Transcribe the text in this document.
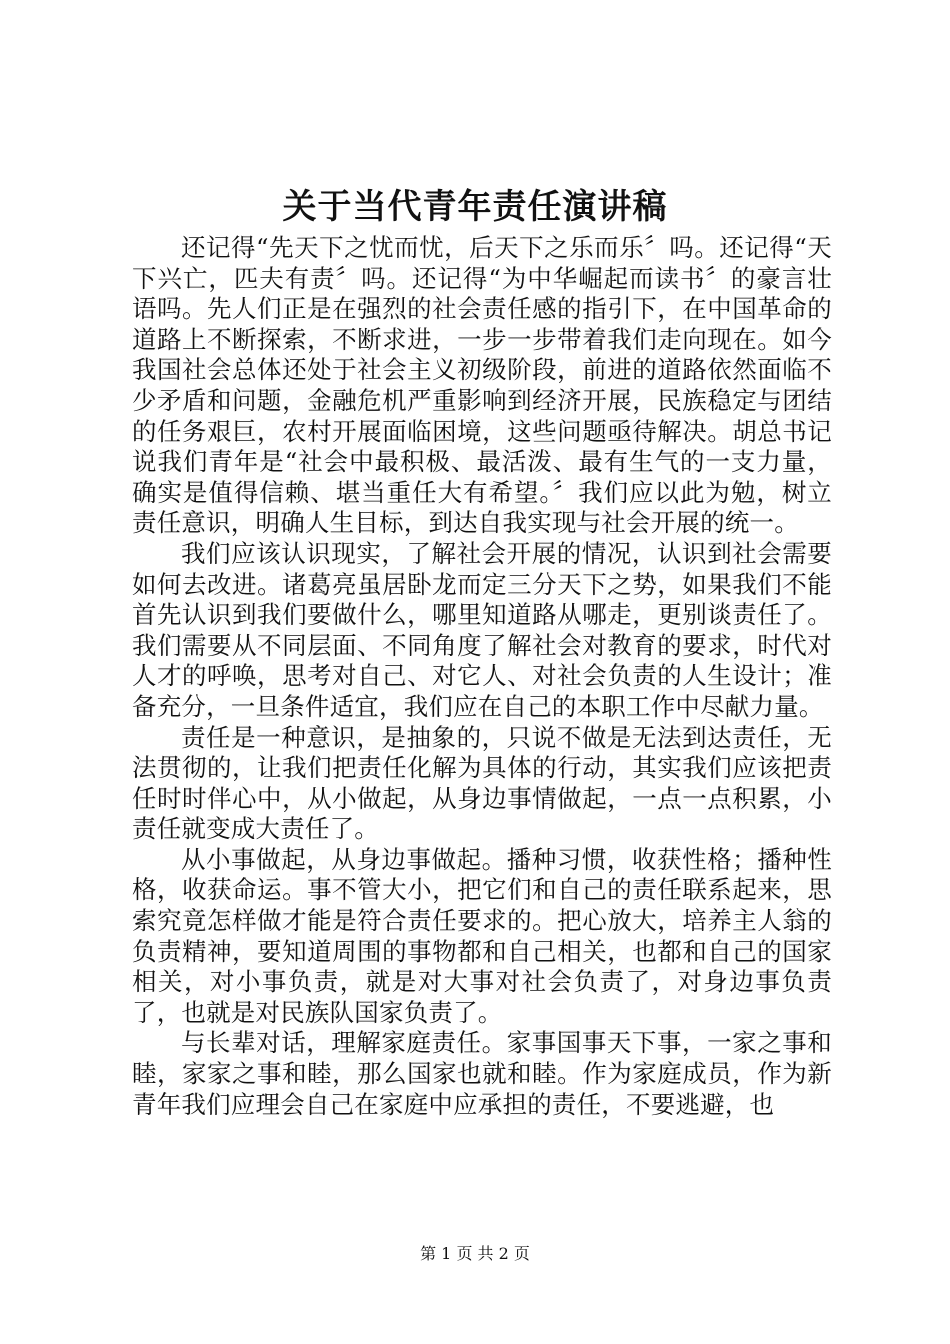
关于当代青年责任演讲稿

还记得“先天下之忧而忧，后天下之乐而乐〞吗。还记得“天下兴亡，匹夫有责〞吗。还记得“为中华崛起而读书〞的豪言壮语吗。先人们正是在强烈的社会责任感的指引下，在中国革命的道路上不断探索，不断求进，一步一步带着我们走向现在。如今我国社会总体还处于社会主义初级阶段，前进的道路依然面临不少矛盾和问题，金融危机严重影响到经济开展，民族稳定与团结的任务艰巨，农村开展面临困境，这些问题亟待解决。胡总书记说我们青年是“社会中最积极、最活泼、最有生气的一支力量，确实是值得信赖、堪当重任大有希望。〞我们应以此为勉，树立责任意识，明确人生目标，到达自我实现与社会开展的统一。

我们应该认识现实，了解社会开展的情况，认识到社会需要如何去改进。诸葛亮虽居卧龙而定三分天下之势，如果我们不能首先认识到我们要做什么，哪里知道路从哪走，更别谈责任了。我们需要从不同层面、不同角度了解社会对教育的要求，时代对人才的呼唤，思考对自己、对它人、对社会负责的人生设计；准备充分，一旦条件适宜，我们应在自己的本职工作中尽献力量。

责任是一种意识，是抽象的，只说不做是无法到达责任，无法贯彻的，让我们把责任化解为具体的行动，其实我们应该把责任时时伴心中，从小做起，从身边事情做起，一点一点积累，小责任就变成大责任了。

从小事做起，从身边事做起。播种习惯，收获性格；播种性格，收获命运。事不管大小，把它们和自己的责任联系起来，思索究竟怎样做才能是符合责任要求的。把心放大，培养主人翁的负责精神，要知道周围的事物都和自己相关，也都和自己的国家相关，对小事负责，就是对大事对社会负责了，对身边事负责了，也就是对民族队国家负责了。

与长辈对话，理解家庭责任。家事国事天下事，一家之事和睦，家家之事和睦，那么国家也就和睦。作为家庭成员，作为新青年我们应理会自己在家庭中应承担的责任，不要逃避，也

第 1 页 共 2 页
